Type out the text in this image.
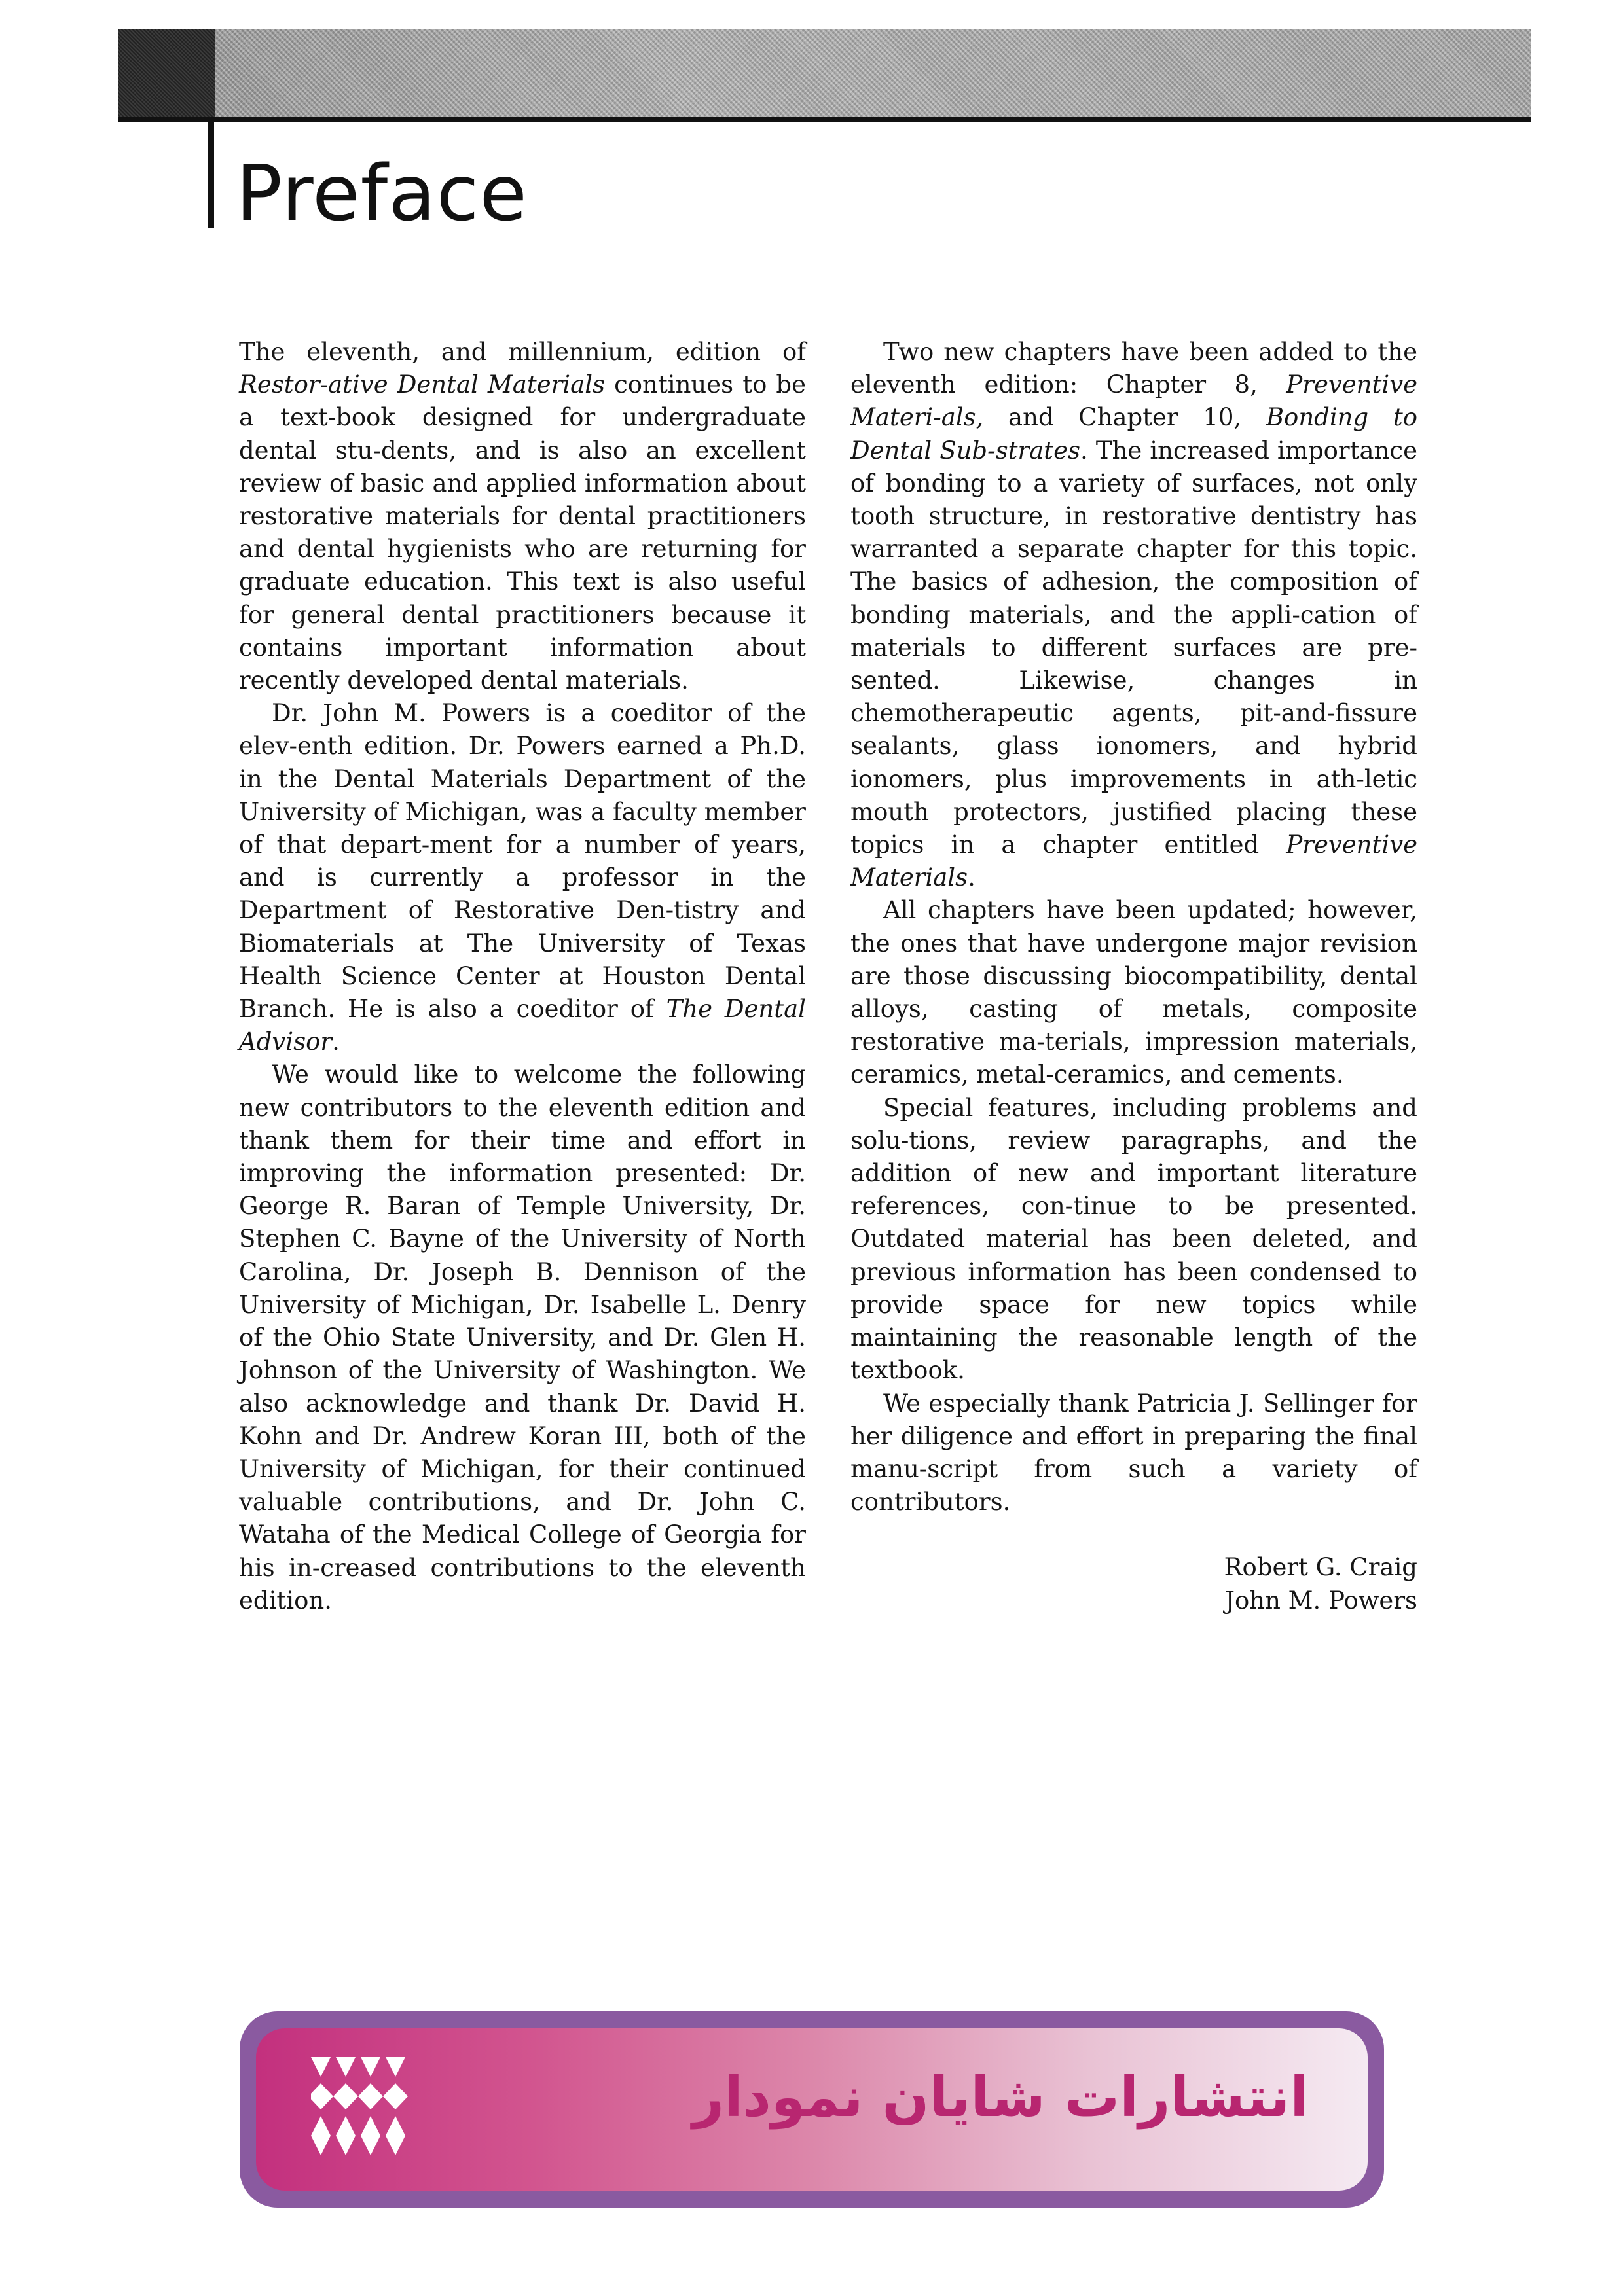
Preface

The eleventh, and millennium, edition of Restor-ative Dental Materials continues to be a text-book designed for undergraduate dental stu-dents, and is also an excellent review of basic and applied information about restorative materials for dental practitioners and dental hygienists who are returning for graduate education. This text is also useful for general dental practitioners because it contains important information about recently developed dental materials.

Dr. John M. Powers is a coeditor of the elev-enth edition. Dr. Powers earned a Ph.D. in the Dental Materials Department of the University of Michigan, was a faculty member of that depart-ment for a number of years, and is currently a professor in the Department of Restorative Den-tistry and Biomaterials at The University of Texas Health Science Center at Houston Dental Branch. He is also a coeditor of The Dental Advisor.

We would like to welcome the following new contributors to the eleventh edition and thank them for their time and effort in improving the information presented: Dr. George R. Baran of Temple University, Dr. Stephen C. Bayne of the University of North Carolina, Dr. Joseph B. Dennison of the University of Michigan, Dr. Isabelle L. Denry of the Ohio State University, and Dr. Glen H. Johnson of the University of Washington. We also acknowledge and thank Dr. David H. Kohn and Dr. Andrew Koran III, both of the University of Michigan, for their continued valuable contributions, and Dr. John C. Wataha of the Medical College of Georgia for his in-creased contributions to the eleventh edition.

Two new chapters have been added to the eleventh edition: Chapter 8, Preventive Materi-als, and Chapter 10, Bonding to Dental Sub-strates. The increased importance of bonding to a variety of surfaces, not only tooth structure, in restorative dentistry has warranted a separate chapter for this topic. The basics of adhesion, the composition of bonding materials, and the appli-cation of materials to different surfaces are pre-sented. Likewise, changes in chemotherapeutic agents, pit-and-fissure sealants, glass ionomers, and hybrid ionomers, plus improvements in ath-letic mouth protectors, justified placing these topics in a chapter entitled Preventive Materials.

All chapters have been updated; however, the ones that have undergone major revision are those discussing biocompatibility, dental alloys, casting of metals, composite restorative ma-terials, impression materials, ceramics, metal-ceramics, and cements.

Special features, including problems and solu-tions, review paragraphs, and the addition of new and important literature references, con-tinue to be presented. Outdated material has been deleted, and previous information has been condensed to provide space for new topics while maintaining the reasonable length of the textbook.

We especially thank Patricia J. Sellinger for her diligence and effort in preparing the final manu-script from such a variety of contributors.

Robert G. Craig
John M. Powers
انتشارات شایان نمودار
